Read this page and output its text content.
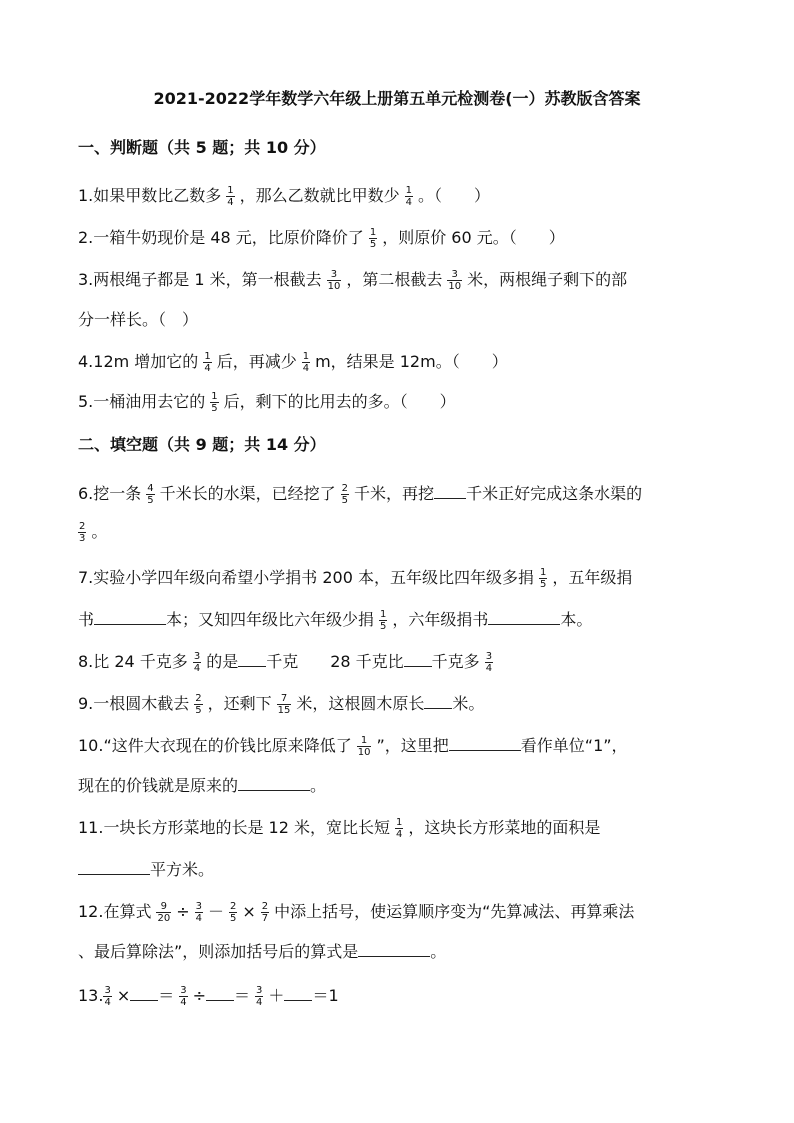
2021-2022学年数学六年级上册第五单元检测卷(一）苏教版含答案
一、判断题（共 5 题；共 10 分）
1.如果甲数比乙数多 $\frac{1}{4}$ ，那么乙数就比甲数少 $\frac{1}{4}$ 。（　　）
2.一箱牛奶现价是 48 元，比原价降价了 $\frac{1}{5}$ ，则原价 60 元。（　　）
3.两根绳子都是 1 米，第一根截去 $\frac{3}{10}$ ，第二根截去 $\frac{3}{10}$ 米，两根绳子剩下的部
分一样长。（　）
4.12m 增加它的 $\frac{1}{4}$ 后，再减少 $\frac{1}{4}$ m，结果是 12m。（　　）
5.一桶油用去它的 $\frac{1}{5}$ 后，剩下的比用去的多。（　　）
二、填空题（共 9 题；共 14 分）
6.挖一条 $\frac{4}{5}$ 千米长的水渠，已经挖了 $\frac{2}{5}$ 千米，再挖 千米正好完成这条水渠的
$\frac{2}{3}$ 。
7.实验小学四年级向希望小学捐书 200 本，五年级比四年级多捐 $\frac{1}{5}$ ，五年级捐
书	本；又知四年级比六年级少捐 $\frac{1}{5}$ ，六年级捐书	本。
8.比 24 千克多 $\frac{3}{4}$ 的是 千克 28 千克比 千克多 $\frac{3}{4}$
9.一根圆木截去 $\frac{2}{5}$ ，还剩下 $\frac{7}{15}$ 米，这根圆木原长 米。
10.“这件大衣现在的价钱比原来降低了 $\frac{1}{10}$ ”，这里把	看作单位“1”，
现在的价钱就是原来的	。
11.一块长方形菜地的长是 12 米，宽比长短 $\frac{1}{4}$ ，这块长方形菜地的面积是
平方米。
12.在算式 $\frac{9}{20} \div \frac{3}{4} - \frac{2}{5} \times \frac{2}{7}$ 中添上括号，使运算顺序变为“先算减法、再算乘法
、最后算除法”，则添加括号后的算式是	。
13. $\frac{3}{4}$ × ＝ $\frac{3}{4}$ ÷ ＝ $\frac{3}{4} + =1$
